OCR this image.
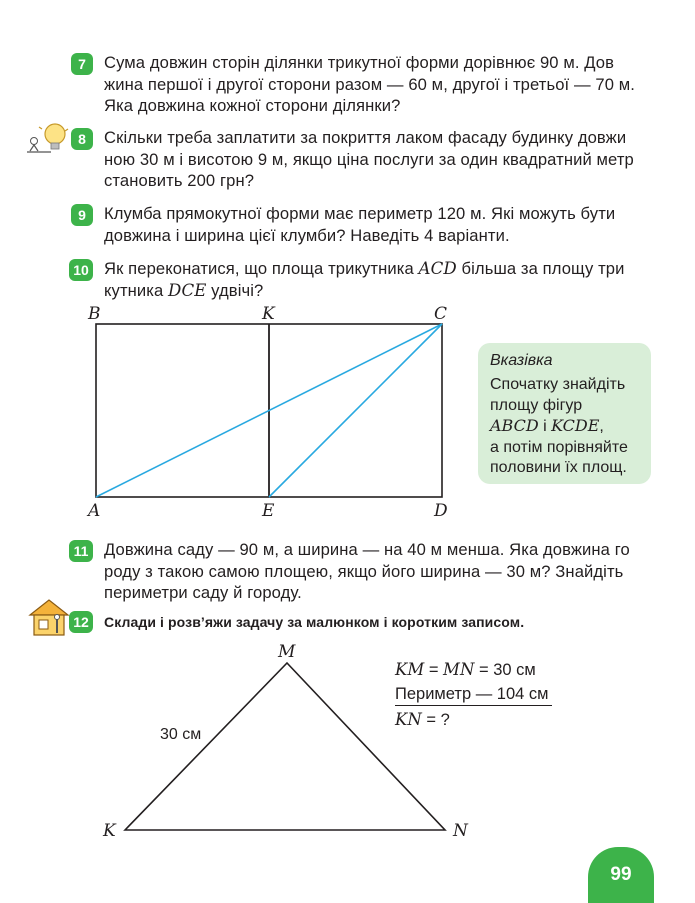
7	Сума довжин сторін ділянки трикутної форми дорівнює 90 м. Дов

жина першої і другої сторони разом — 60 м, другої і третьої — 70 м.

Яка довжина кожної сторони ділянки?

8	Скільки треба заплатити за покриття лаком фасаду будинку довжи

ною 30 м і висотою 9 м, якщо ціна послуги за один квадратний метр

становить 200 грн?

9	Клумба прямокутної форми має периметр 120 м. Які можуть бути

довжина і ширина цієї клумби? Наведіть 4 варіанти.

10 Як переконатися, що площа трикутника ACD більша за площу три

кутника DCE удвічі?

B	K	C
A	E	D
Вказівка

Спочатку знайдіть

площу фігур

ABCD і KCDE,

а потім порівняйте

половини їх площ.

11 Довжина саду — 90 м, а ширина — на 40 м менша. Яка довжина го

роду з такою самою площею, якщо його ширина — 30 м? Знайдіть

периметри саду й городу.

12	Склади і розв’яжи задачу за малюнком і коротким записом.
M
K	N
30 см

KM = MN = 30 см

Периметр — 104 см

KN = ?

99
